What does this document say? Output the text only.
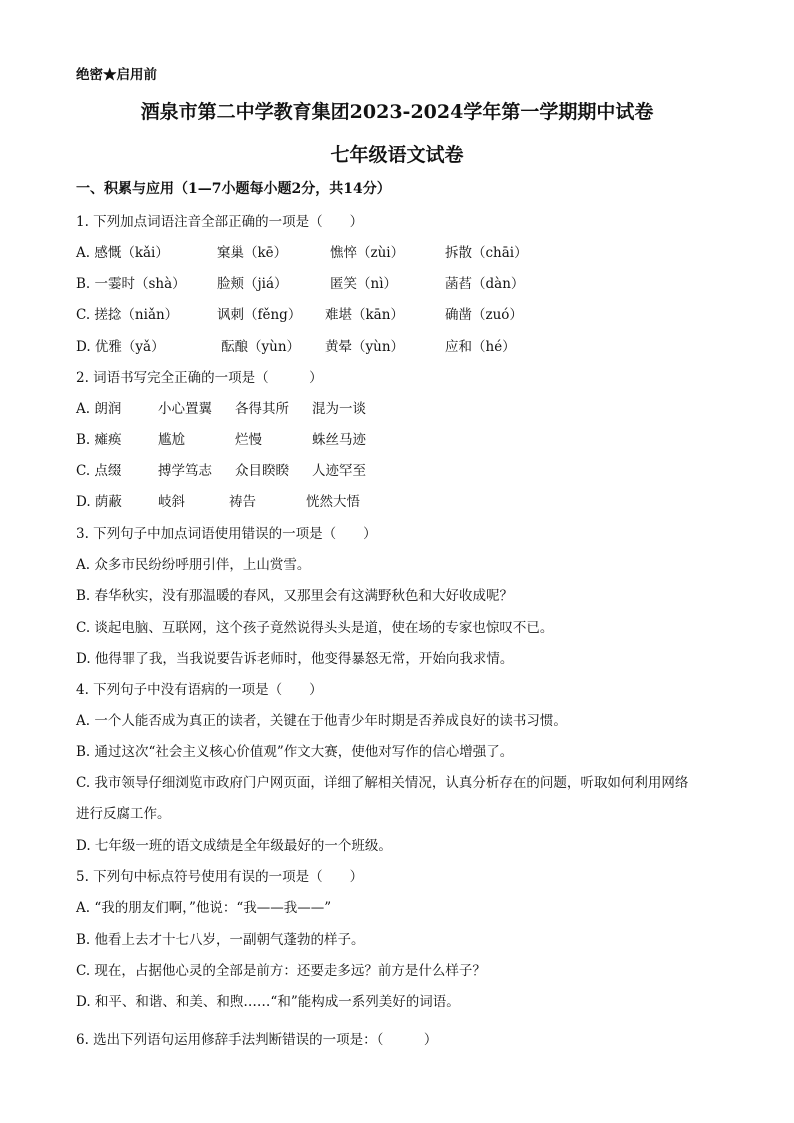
绝密★启用前
酒泉市第二中学教育集团2023-2024学年第一学期期中试卷
七年级语文试卷
一、积累与应用（1—7小题每小题2分，共14分）
1. 下列加点词语注音全部正确的一项是（　　）
A. 感慨（kǎi）	窠巢（kē）	憔悴（zùi）	拆散（chāi）
B. 一霎时（shà） 脸颊（jiá）	匿笑（nì）	菡萏（dàn）
C. 搓捻（niǎn）	讽刺（fěng） 难堪（kān）	确凿（zuó）
D. 优雅（yǎ）	酝酿（yùn） 黄晕（yùn）	应和（hé）
2. 词语书写完全正确的一项是（　　　）
A. 朗润	小心置翼 各得其所 混为一谈
B. 瘫痪	尴尬	烂慢	蛛丝马迹
C. 点缀	搏学笃志 众目睽睽 人迹罕至
D. 荫蔽	岐斜	祷告	恍然大悟
3. 下列句子中加点词语使用错误的一项是（　　）
A. 众多市民纷纷呼朋引伴，上山赏雪。
B. 春华秋实，没有那温暖的春风，又那里会有这满野秋色和大好收成呢？
C. 谈起电脑、互联网，这个孩子竟然说得头头是道，使在场的专家也惊叹不已。
D. 他得罪了我，当我说要告诉老师时，他变得暴怒无常，开始向我求情。
4. 下列句子中没有语病的一项是（　　）
A. 一个人能否成为真正的读者，关键在于他青少年时期是否养成良好的读书习惯。
B. 通过这次“社会主义核心价值观”作文大赛，使他对写作的信心增强了。
C. 我市领导仔细浏览市政府门户网页面，详细了解相关情况，认真分析存在的问题，听取如何利用网络
进行反腐工作。
D. 七年级一班的语文成绩是全年级最好的一个班级。
5. 下列句中标点符号使用有误的一项是（　　）
A. “我的朋友们啊，”他说：“我——我——”
B. 他看上去才十七八岁，一副朝气蓬勃的样子。
C. 现在，占据他心灵的全部是前方：还要走多远？前方是什么样子？
D. 和平、和谐、和美、和煦……“和”能构成一系列美好的词语。
6. 选出下列语句运用修辞手法判断错误的一项是：（　　　）
